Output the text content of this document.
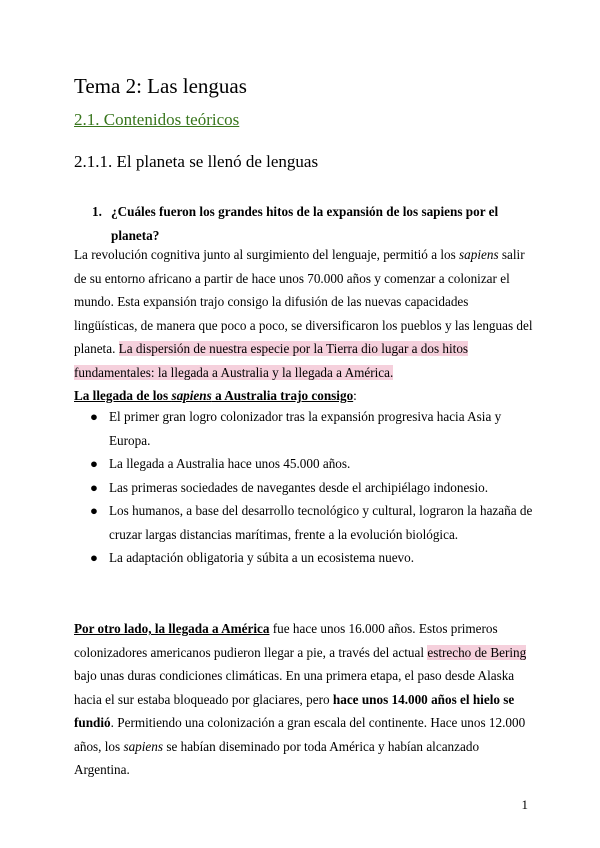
Tema 2: Las lenguas
2.1. Contenidos teóricos
2.1.1. El planeta se llenó de lenguas
1. ¿Cuáles fueron los grandes hitos de la expansión de los sapiens por el planeta?
La revolución cognitiva junto al surgimiento del lenguaje, permitió a los sapiens salir de su entorno africano a partir de hace unos 70.000 años y comenzar a colonizar el mundo. Esta expansión trajo consigo la difusión de las nuevas capacidades lingüísticas, de manera que poco a poco, se diversificaron los pueblos y las lenguas del planeta. La dispersión de nuestra especie por la Tierra dio lugar a dos hitos fundamentales: la llegada a Australia y la llegada a América.
La llegada de los sapiens a Australia trajo consigo:
● El primer gran logro colonizador tras la expansión progresiva hacia Asia y Europa.
● La llegada a Australia hace unos 45.000 años.
● Las primeras sociedades de navegantes desde el archipiélago indonesio.
● Los humanos, a base del desarrollo tecnológico y cultural, lograron la hazaña de cruzar largas distancias marítimas, frente a la evolución biológica.
● La adaptación obligatoria y súbita a un ecosistema nuevo.
Por otro lado, la llegada a América fue hace unos 16.000 años. Estos primeros colonizadores americanos pudieron llegar a pie, a través del actual estrecho de Bering bajo unas duras condiciones climáticas. En una primera etapa, el paso desde Alaska hacia el sur estaba bloqueado por glaciares, pero hace unos 14.000 años el hielo se fundió. Permitiendo una colonización a gran escala del continente. Hace unos 12.000 años, los sapiens se habían diseminado por toda América y habían alcanzado Argentina.
1
